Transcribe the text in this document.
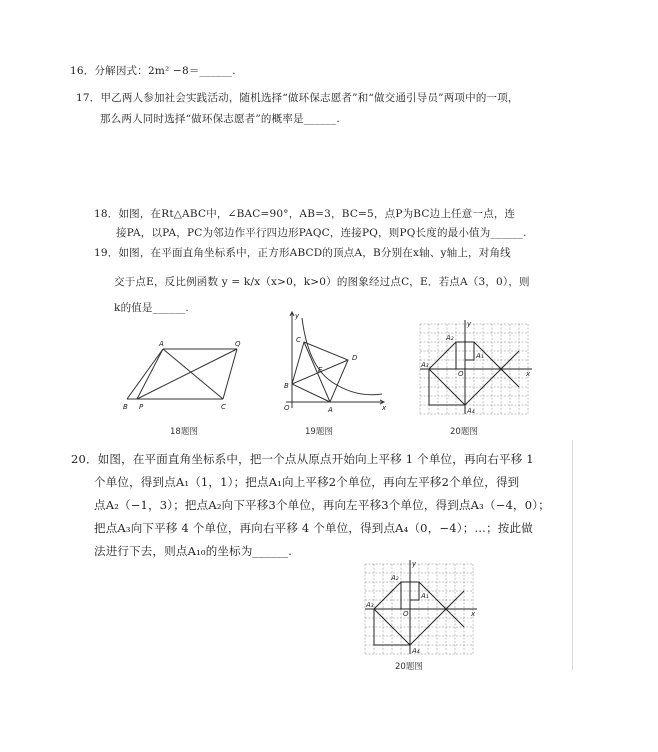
16．分解因式：2m² −8＝______.
17．甲乙两人参加社会实践活动，随机选择“做环保志愿者”和“做交通引导员”两项中的一项，
那么两人同时选择“做环保志愿者”的概率是______.
18．如图，在Rt△ABC中，∠BAC=90°，AB=3，BC=5，点P为BC边上任意一点，连
接PA，以PA，PC为邻边作平行四边形PAQC，连接PQ，则PQ长度的最小值为______.
19．如图，在平面直角坐标系中，正方形ABCD的顶点A，B分别在x轴、y轴上，对角线
交于点E，反比例函数 y = k/x（x>0，k>0）的图象经过点C，E．若点A（3，0），则
k的值是______.
A	Q
B P	C
18题图
y
C
D
E
B
O	A	x
19题图
y
A₂
A₁
O
A₃
x
A₄
20题图
20．如图，在平面直角坐标系中，把一个点从原点开始向上平移 1 个单位，再向右平移 1
个单位，得到点A₁（1，1）；把点A₁向上平移2个单位，再向左平移2个单位，得到
点A₂（−1，3）；把点A₂向下平移3个单位，再向左平移3个单位，得到点A₃（−4，0）；
把点A₃向下平移 4 个单位，再向右平移 4 个单位，得到点A₄（0，−4）；…；按此做
法进行下去，则点A₁₀的坐标为______.
y
A₂
A₁
A₃
O	x
A₄
20题图
